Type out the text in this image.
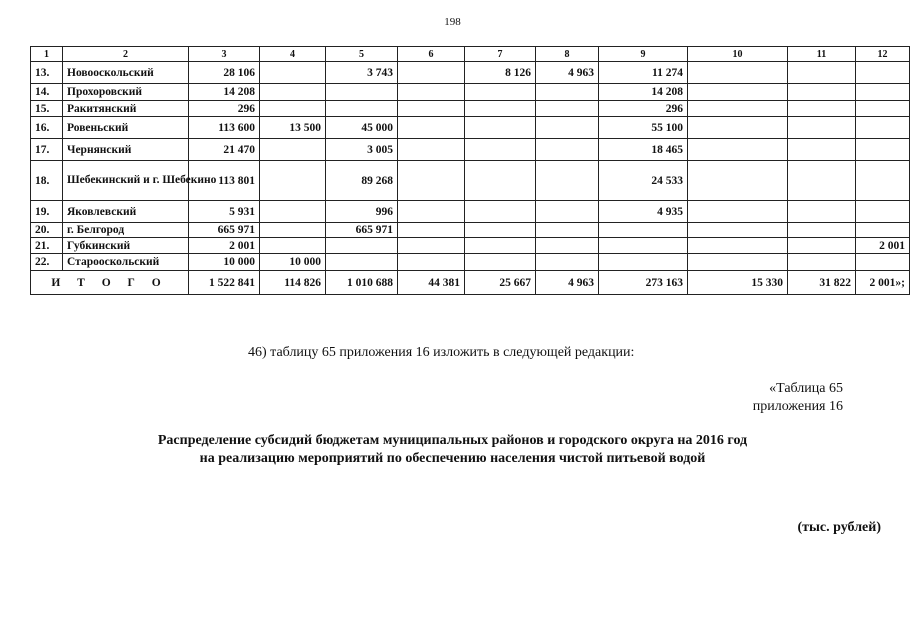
198
1	2	3	4	5	6	7	8	9	10	11	12
13.	Новооскольский	28 106		3 743		8 126	4 963	11 274			
14.	Прохоровский	14 208						14 208			
15.	Ракитянский	296						296			
16.	Ровеньский	113 600	13 500	45 000				55 100			
17.	Чернянский	21 470		3 005				18 465			
18.	Шебекинский и г. Шебекино	113 801		89 268				24 533			
19.	Яковлевский	5 931		996				4 935			
20.	г. Белгород	665 971		665 971							
21.	Губкинский	2 001									2 001
22.	Старооскольский	10 000	10 000								
И Т О Г О		1 522 841	114 826	1 010 688	44 381	25 667	4 963	273 163	15 330	31 822	2 001»;
46) таблицу 65 приложения 16 изложить в следующей редакции:
«Таблица 65
приложения 16
Распределение субсидий бюджетам муниципальных районов и городского округа на 2016 год
на реализацию мероприятий по обеспечению населения чистой питьевой водой
(тыс. рублей)
